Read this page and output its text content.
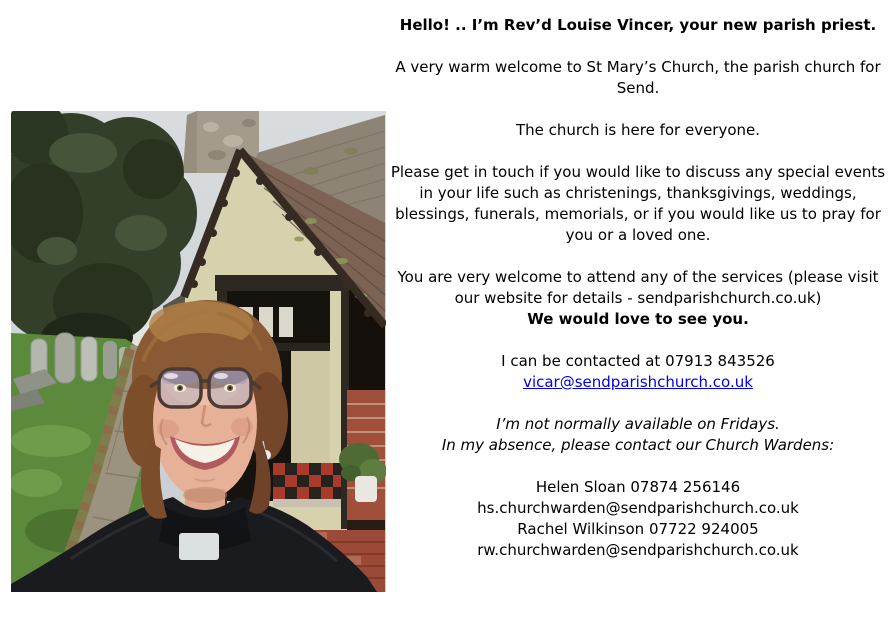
Hello! .. I’m Rev’d Louise Vincer, your new parish priest.

A very warm welcome to St Mary’s Church, the parish church for Send.

The church is here for everyone.

Please get in touch if you would like to discuss any special events in your life such as christenings, thanksgivings, weddings, blessings, funerals, memorials, or if you would like us to pray for you or a loved one.

You are very welcome to attend any of the services (please visit our website for details - sendparishchurch.co.uk)
We would love to see you.

I can be contacted at 07913 843526
vicar@sendparishchurch.co.uk

I’m not normally available on Fridays.
In my absence, please contact our Church Wardens:

Helen Sloan 07874 256146
hs.churchwarden@sendparishchurch.co.uk
Rachel Wilkinson 07722 924005
rw.churchwarden@sendparishchurch.co.uk
